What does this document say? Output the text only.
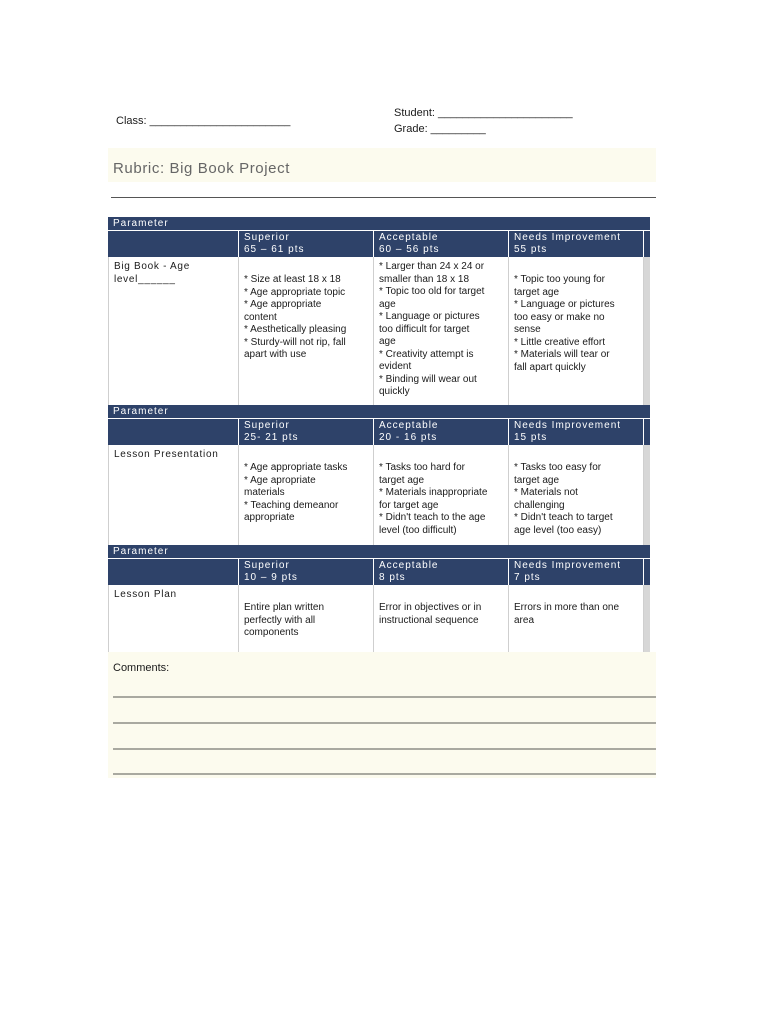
Class: _______________________
Student: ______________________
Grade: _________
Rubric: Big Book Project
Parameter
Superior
65 – 61 pts
Acceptable
60 – 56 pts
Needs Improvement
55 pts
Big Book - Age
level______	* Size at least 18 x 18
* Age appropriate topic
* Age appropriate
content
* Aesthetically pleasing
* Sturdy-will not rip, fall
apart with use
* Larger than 24 x 24 or
smaller than 18 x 18
* Topic too old for target
age
* Language or pictures
too difficult for target
age
* Creativity attempt is
evident
* Binding will wear out
quickly
* Topic too young for
target age
* Language or pictures
too easy or make no
sense
* Little creative effort
* Materials will tear or
fall apart quickly
Parameter
Superior
25- 21 pts
Acceptable
20 - 16 pts
Needs Improvement
15 pts
Lesson Presentation
* Age appropriate tasks
* Age apropriate
materials
* Teaching demeanor
appropriate
* Tasks too hard for
target age
* Materials inappropriate
for target age
* Didn't teach to the age
level (too difficult)
* Tasks too easy for
target age
* Materials not
challenging
* Didn't teach to target
age level (too easy)
Parameter
Superior
10 – 9 pts
Acceptable
8 pts
Needs Improvement
7 pts
Lesson Plan
Entire plan written
perfectly with all
components
Error in objectives or in
instructional sequence
Errors in more than one
area
Comments:
